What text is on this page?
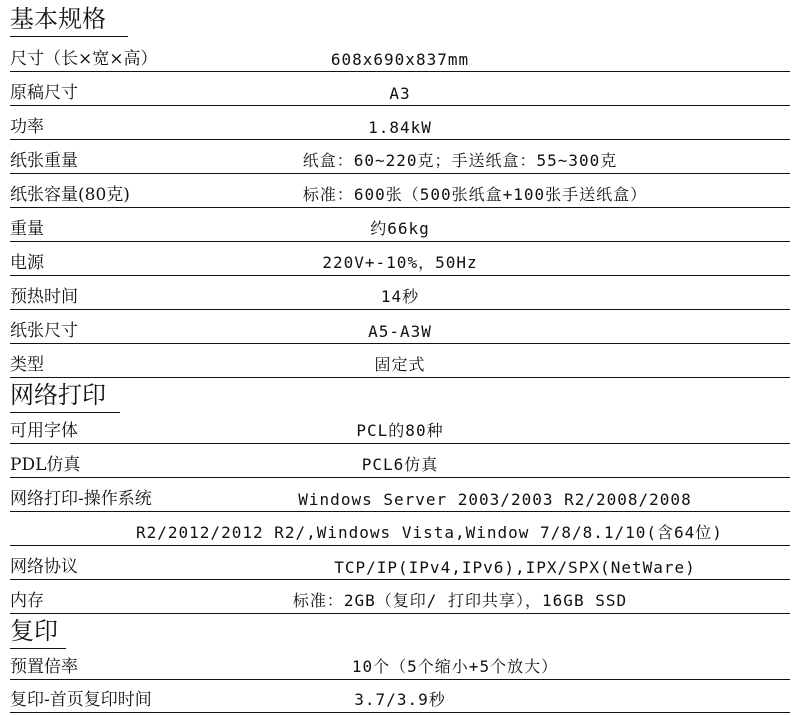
基本规格
尺寸（长×宽×高）	608x690x837mm
原稿尺寸	A3
功率	1.84kW
纸张重量	纸盒：60~220克；手送纸盒：55~300克
纸张容量(80克)	标准：600张（500张纸盒+100张手送纸盒）
重量	约66kg
电源	220V+-10%，50Hz
预热时间	14秒
纸张尺寸	A5-A3W
类型	固定式
网络打印
可用字体	PCL的80种
PDL仿真	PCL6仿真
网络打印-操作系统	Windows Server 2003/2003 R2/2008/2008
R2/2012/2012 R2/,Windows Vista,Window 7/8/8.1/10(含64位)
网络协议	TCP/IP(IPv4,IPv6),IPX/SPX(NetWare)
内存	标准：2GB（复印/ 打印共享），16GB SSD
复印
预置倍率	10个（5个缩小+5个放大）
复印-首页复印时间	3.7/3.9秒
